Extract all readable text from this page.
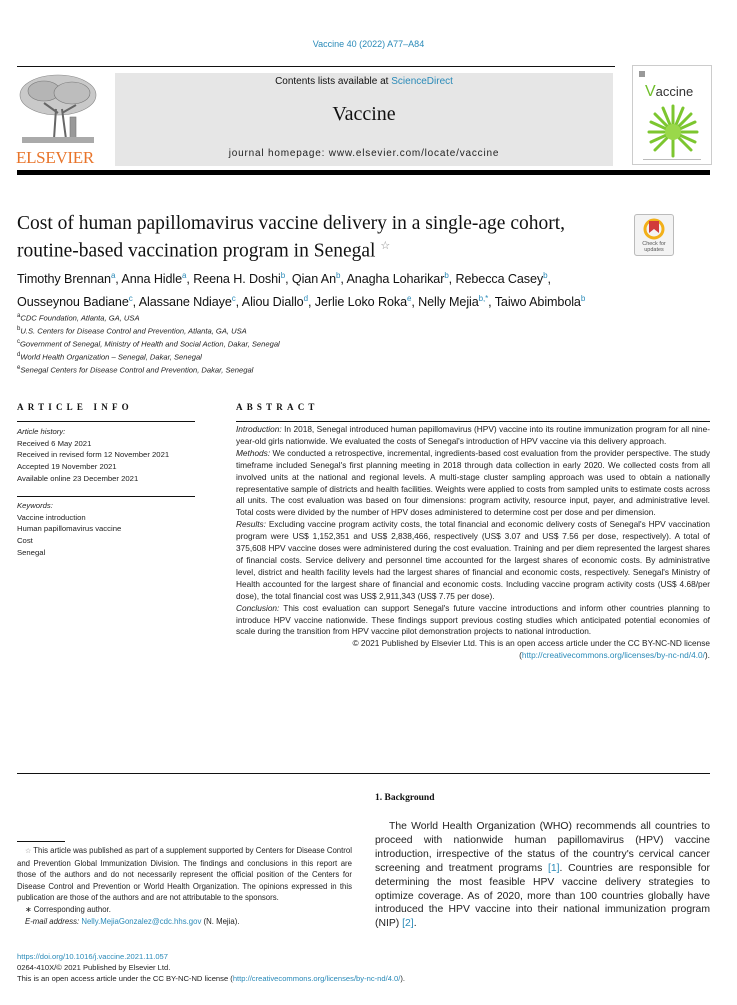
Vaccine 40 (2022) A77–A84
ELSEVIER
Contents lists available at ScienceDirect
Vaccine
journal homepage: www.elsevier.com/locate/vaccine
Vaccine
Cost of human papillomavirus vaccine delivery in a single-age cohort,
routine-based vaccination program in Senegal ☆	Check for
updates
Timothy Brennan$^a$, Anna Hidle$^a$, Reena H. Doshi$^b$, Qian An$^b$, Anagha Loharikar$^b$, Rebecca Casey$^b$,
Ousseynou Badiane$^c$, Alassane Ndiaye$^c$, Aliou Diallo$^d$, Jerlie Loko Roka$^e$, Nelly Mejia$^{b,*}$, Taiwo Abimbola$^b$
$^a$CDC Foundation, Atlanta, GA, USA
$^b$U.S. Centers for Disease Control and Prevention, Atlanta, GA, USA
$^c$Government of Senegal, Ministry of Health and Social Action, Dakar, Senegal
$^d$World Health Organization – Senegal, Dakar, Senegal
$^e$Senegal Centers for Disease Control and Prevention, Dakar, Senegal
ARTICLE INFO
Article history:
Received 6 May 2021
Received in revised form 12 November 2021
Accepted 19 November 2021
Available online 23 December 2021
Keywords:
Vaccine introduction
Human papillomavirus vaccine
Cost
Senegal
ABSTRACT

Introduction: In 2018, Senegal introduced human papillomavirus (HPV) vaccine into its routine immunization program for all nine-year-old girls nationwide. We evaluated the costs of Senegal's introduction of HPV vaccine via this delivery approach.

Methods: We conducted a retrospective, incremental, ingredients-based cost evaluation from the provider perspective. The study timeframe included Senegal's first planning meeting in 2018 through data collection in early 2020. We collected costs from all involved units at the national and regional levels. A multi-stage cluster sampling approach was used to obtain a nationally representative sample of districts and health facilities. Weights were applied to costs from sampled units to estimate costs across all units. The cost evaluation was based on four dimensions: program activity, resource input, payer, and administrative level. Total costs were divided by the number of HPV doses administered to determine cost per dose and per dimension.

Results: Excluding vaccine program activity costs, the total financial and economic delivery costs of Senegal's HPV vaccination program were US$ 1,152,351 and US$ 2,838,466, respectively (US$ 3.07 and US$ 7.56 per dose, respectively). A total of 375,608 HPV vaccine doses were administered during the cost evaluation. Training and per diem represented the largest shares of financial costs. Service delivery and personnel time accounted for the largest shares of economic costs. By administrative level, district and health facility levels had the largest shares of financial and economic costs, respectively. Senegal's Ministry of Health accounted for the largest share of financial and economic costs. Including vaccine program activity costs (US$ 4.68/per dose), the total financial cost was US$ 2,911,343 (US$ 7.75 per dose).

Conclusion: This cost evaluation can support Senegal's future vaccine introductions and inform other countries planning to introduce HPV vaccine nationwide. These findings support previous costing studies which anticipated potential economies of scale during the transition from HPV vaccine pilot demonstration projects to national introduction.

© 2021 Published by Elsevier Ltd. This is an open access article under the CC BY-NC-ND license (http://creativecommons.org/licenses/by-nc-nd/4.0/).

1. Background
The World Health Organization (WHO) recommends all countries to proceed with nationwide human papillomavirus (HPV) vaccine introduction, irrespective of the status of the country's cervical cancer screening and treatment programs [1]. Countries are responsible for determining the most feasible HPV vaccine delivery strategies to optimize coverage. As of 2020, more than 100 countries globally have introduced the HPV vaccine into their national immunization program (NIP) [2].

☆ This article was published as part of a supplement supported by Centers for Disease Control and Prevention Global Immunization Division. The findings and conclusions in this report are those of the authors and do not necessarily represent the official position of the Centers for Disease Control and Prevention or World Health Organization. The opinions expressed in this publication are those of the authors and are not attributable to the sponsors.

∗ Corresponding author.

E-mail address: Nelly.MejiaGonzalez@cdc.hhs.gov (N. Mejia).

https://doi.org/10.1016/j.vaccine.2021.11.057

0264-410X/© 2021 Published by Elsevier Ltd.

This is an open access article under the CC BY-NC-ND license (http://creativecommons.org/licenses/by-nc-nd/4.0/).
